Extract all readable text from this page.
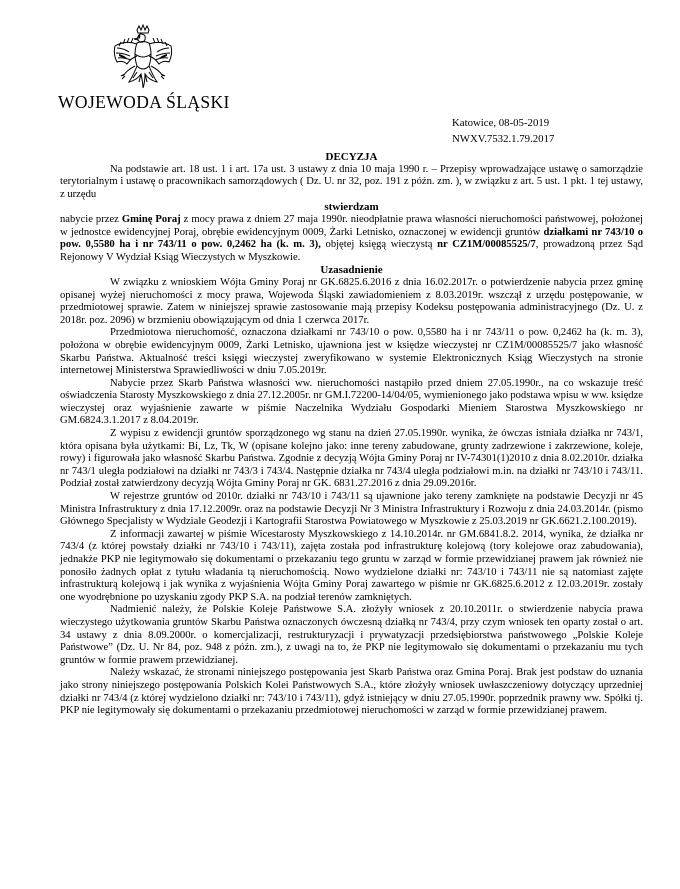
WOJEWODA ŚLĄSKI
Katowice, 08-05-2019
NWXV.7532.1.79.2017

DECYZJA

Na podstawie art. 18 ust. 1 i art. 17a ust. 3 ustawy z dnia 10 maja 1990 r. – Przepisy wprowadzające ustawę o samorządzie terytorialnym i ustawę o pracownikach samorządowych ( Dz. U. nr 32, poz. 191 z późn. zm. ), w związku z art. 5 ust. 1 pkt. 1 tej ustawy, z urzędu

stwierdzam

nabycie przez Gminę Poraj z mocy prawa z dniem 27 maja 1990r. nieodpłatnie prawa własności nieruchomości państwowej, położonej w jednostce ewidencyjnej Poraj, obrębie ewidencyjnym 0009, Żarki Letnisko, oznaczonej w ewidencji gruntów działkami nr 743/10 o pow. 0,5580 ha i nr 743/11 o pow. 0,2462 ha (k. m. 3), objętej księgą wieczystą nr CZ1M/00085525/7, prowadzoną przez Sąd Rejonowy V Wydział Ksiąg Wieczystych w Myszkowie.

Uzasadnienie

W związku z wnioskiem Wójta Gminy Poraj nr GK.6825.6.2016 z dnia 16.02.2017r. o potwierdzenie nabycia przez gminę opisanej wyżej nieruchomości z mocy prawa, Wojewoda Śląski zawiadomieniem z 8.03.2019r. wszczął z urzędu postępowanie, w przedmiotowej sprawie. Zatem w niniejszej sprawie zastosowanie mają przepisy Kodeksu postępowania administracyjnego (Dz. U. z 2018r. poz. 2096) w brzmieniu obowiązującym od dnia 1 czerwca 2017r.

Przedmiotowa nieruchomość, oznaczona działkami nr 743/10 o pow. 0,5580 ha i nr 743/11 o pow. 0,2462 ha (k. m. 3), położona w obrębie ewidencyjnym 0009, Żarki Letnisko, ujawniona jest w księdze wieczystej nr CZ1M/00085525/7 jako własność Skarbu Państwa. Aktualność treści księgi wieczystej zweryfikowano w systemie Elektronicznych Ksiąg Wieczystych na stronie internetowej Ministerstwa Sprawiedliwości w dniu 7.05.2019r.

Nabycie przez Skarb Państwa własności ww. nieruchomości nastąpiło przed dniem 27.05.1990r., na co wskazuje treść oświadczenia Starosty Myszkowskiego z dnia 27.12.2005r. nr GM.I.72200-14/04/05, wymienionego jako podstawa wpisu w ww. księdze wieczystej oraz wyjaśnienie zawarte w piśmie Naczelnika Wydziału Gospodarki Mieniem Starostwa Myszkowskiego nr GM.6824.3.1.2017 z 8.04.2019r.

Z wypisu z ewidencji gruntów sporządzonego wg stanu na dzień 27.05.1990r. wynika, że ówczas istniała działka nr 743/1, która opisana była użytkami: Bi, Lz, Tk, W (opisane kolejno jako: inne tereny zabudowane, grunty zadrzewione i zakrzewione, koleje, rowy) i figurowała jako własność Skarbu Państwa. Zgodnie z decyzją Wójta Gminy Poraj nr IV-74301(1)2010 z dnia 8.02.2010r. działka nr 743/1 uległa podziałowi na działki nr 743/3 i 743/4. Następnie działka nr 743/4 uległa podziałowi m.in. na działki nr 743/10 i 743/11. Podział został zatwierdzony decyzją Wójta Gminy Poraj nr GK. 6831.27.2016 z dnia 29.09.2016r.

W rejestrze gruntów od 2010r. działki nr 743/10 i 743/11 są ujawnione jako tereny zamknięte na podstawie Decyzji nr 45 Ministra Infrastruktury z dnia 17.12.2009r. oraz na podstawie Decyzji Nr 3 Ministra Infrastruktury i Rozwoju z dnia 24.03.2014r. (pismo Głównego Specjalisty w Wydziale Geodezji i Kartografii Starostwa Powiatowego w Myszkowie z 25.03.2019 nr GK.6621.2.100.2019).

Z informacji zawartej w piśmie Wicestarosty Myszkowskiego z 14.10.2014r. nr GM.6841.8.2. 2014, wynika, że działka nr 743/4 (z której powstały działki nr 743/10 i 743/11), zajęta została pod infrastrukturę kolejową (tory kolejowe oraz zabudowania), jednakże PKP nie legitymowało się dokumentami o przekazaniu tego gruntu w zarząd w formie przewidzianej prawem jak również nie ponosiło żadnych opłat z tytułu władania tą nieruchomością. Nowo wydzielone działki nr: 743/10 i 743/11 nie są natomiast zajęte infrastrukturą kolejową i jak wynika z wyjaśnienia Wójta Gminy Poraj zawartego w piśmie nr GK.6825.6.2012 z 12.03.2019r. zostały one wyodrębnione po uzyskaniu zgody PKP S.A. na podział terenów zamkniętych.

Nadmienić należy, że Polskie Koleje Państwowe S.A. złożyły wniosek z 20.10.2011r. o stwierdzenie nabycia prawa wieczystego użytkowania gruntów Skarbu Państwa oznaczonych ówczesną działką nr 743/4, przy czym wniosek ten oparty został o art. 34 ustawy z dnia 8.09.2000r. o komercjalizacji, restrukturyzacji i prywatyzacji przedsiębiorstwa państwowego „Polskie Koleje Państwowe” (Dz. U. Nr 84, poz. 948 z późn. zm.), z uwagi na to, że PKP nie legitymowało się dokumentami o przekazaniu mu tych gruntów w formie prawem przewidzianej.

Należy wskazać, że stronami niniejszego postępowania jest Skarb Państwa oraz Gmina Poraj. Brak jest podstaw do uznania jako strony niniejszego postępowania Polskich Kolei Państwowych S.A., które złożyły wniosek uwłaszczeniowy dotyczący uprzedniej działki nr 743/4 (z której wydzielono działki nr: 743/10 i 743/11), gdyż istniejący w dniu 27.05.1990r. poprzednik prawny ww. Spółki tj. PKP nie legitymowały się dokumentami o przekazaniu przedmiotowej nieruchomości w zarząd w formie przewidzianej prawem.
